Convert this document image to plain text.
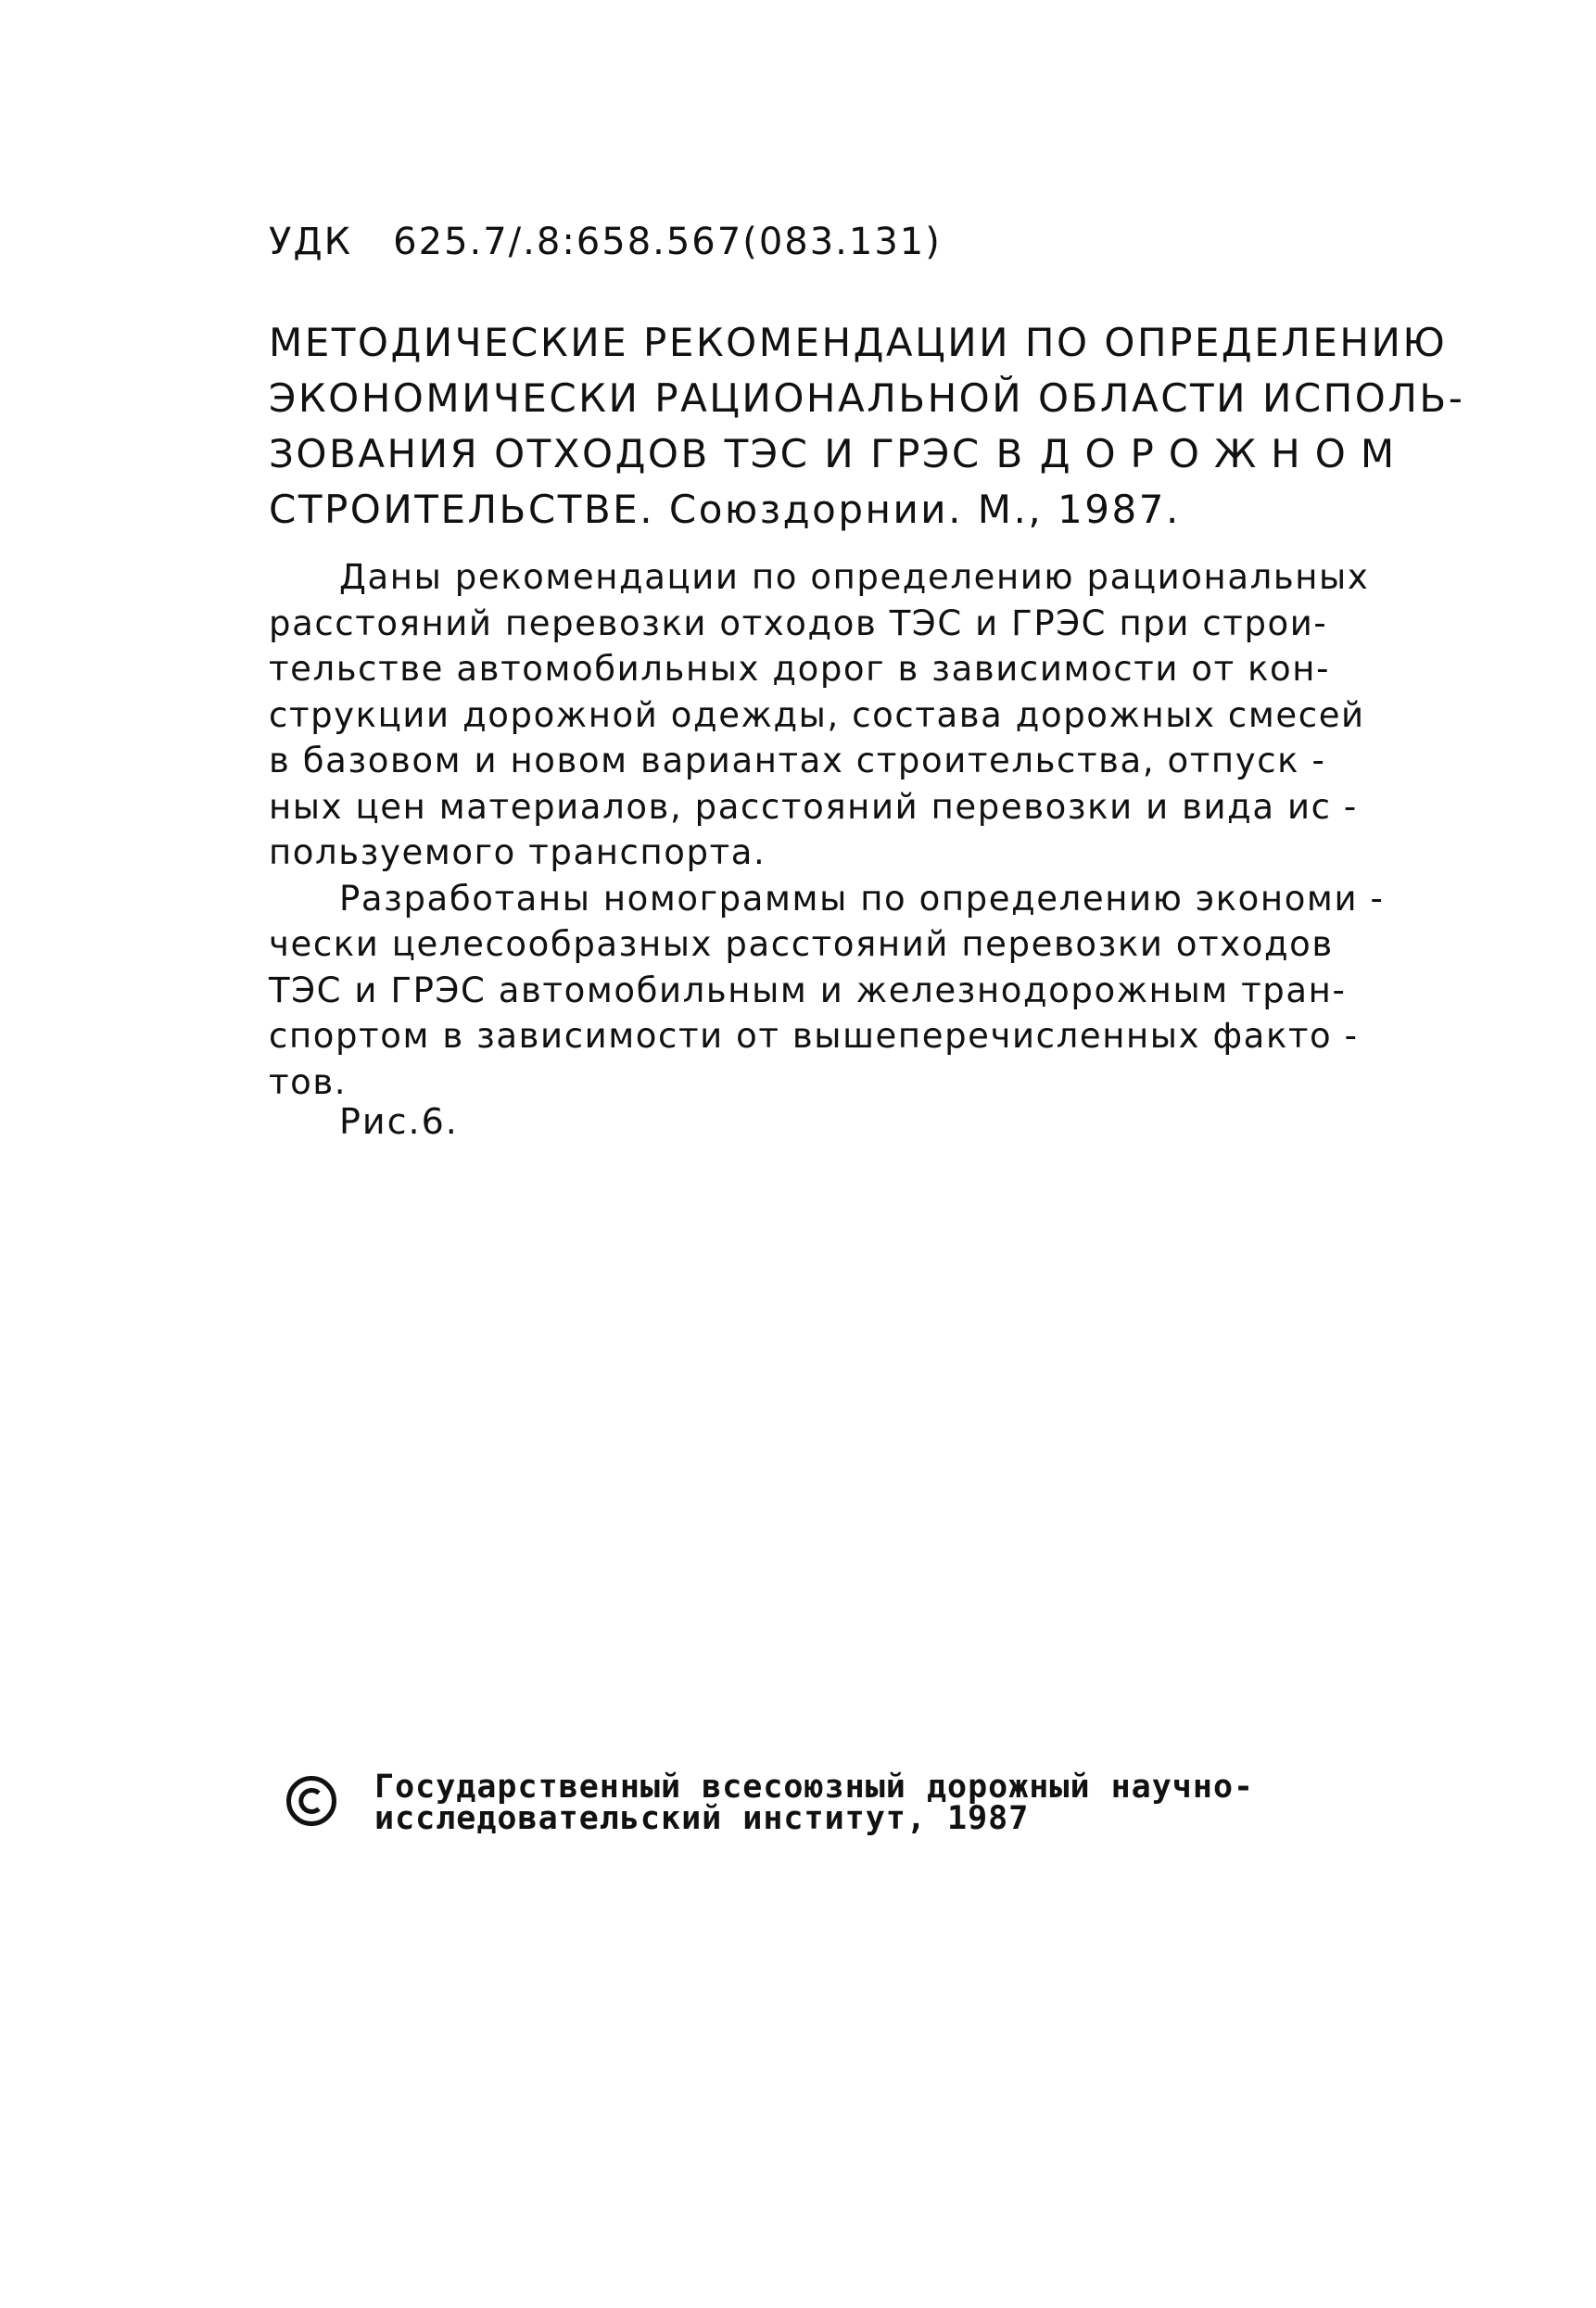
УДК   625.7/.8:658.567(083.131)
МЕТОДИЧЕСКИЕ РЕКОМЕНДАЦИИ ПО ОПРЕДЕЛЕНИЮ
ЭКОНОМИЧЕСКИ РАЦИОНАЛЬНОЙ ОБЛАСТИ ИСПОЛЬ-
ЗОВАНИЯ ОТХОДОВ ТЭС И ГРЭС В ДОРОЖНОМ
СТРОИТЕЛЬСТВЕ. Союздорнии. М., 1987.
Даны рекомендации по определению рациональных
расстояний перевозки отходов ТЭС и ГРЭС при строи-
тельстве автомобильных дорог в зависимости от кон-
струкции дорожной одежды, состава дорожных смесей
в базовом и новом вариантах строительства, отпуск -
ных цен материалов, расстояний перевозки и вида ис -
пользуемого транспорта.
Разработаны номограммы по определению экономи -
чески целесообразных расстояний перевозки отходов
ТЭС и ГРЭС автомобильным и железнодорожным тран-
спортом в зависимости от вышеперечисленных факто -
тов.
Рис.6.
Государственный всесоюзный дорожный научно-
исследовательский институт, 1987
